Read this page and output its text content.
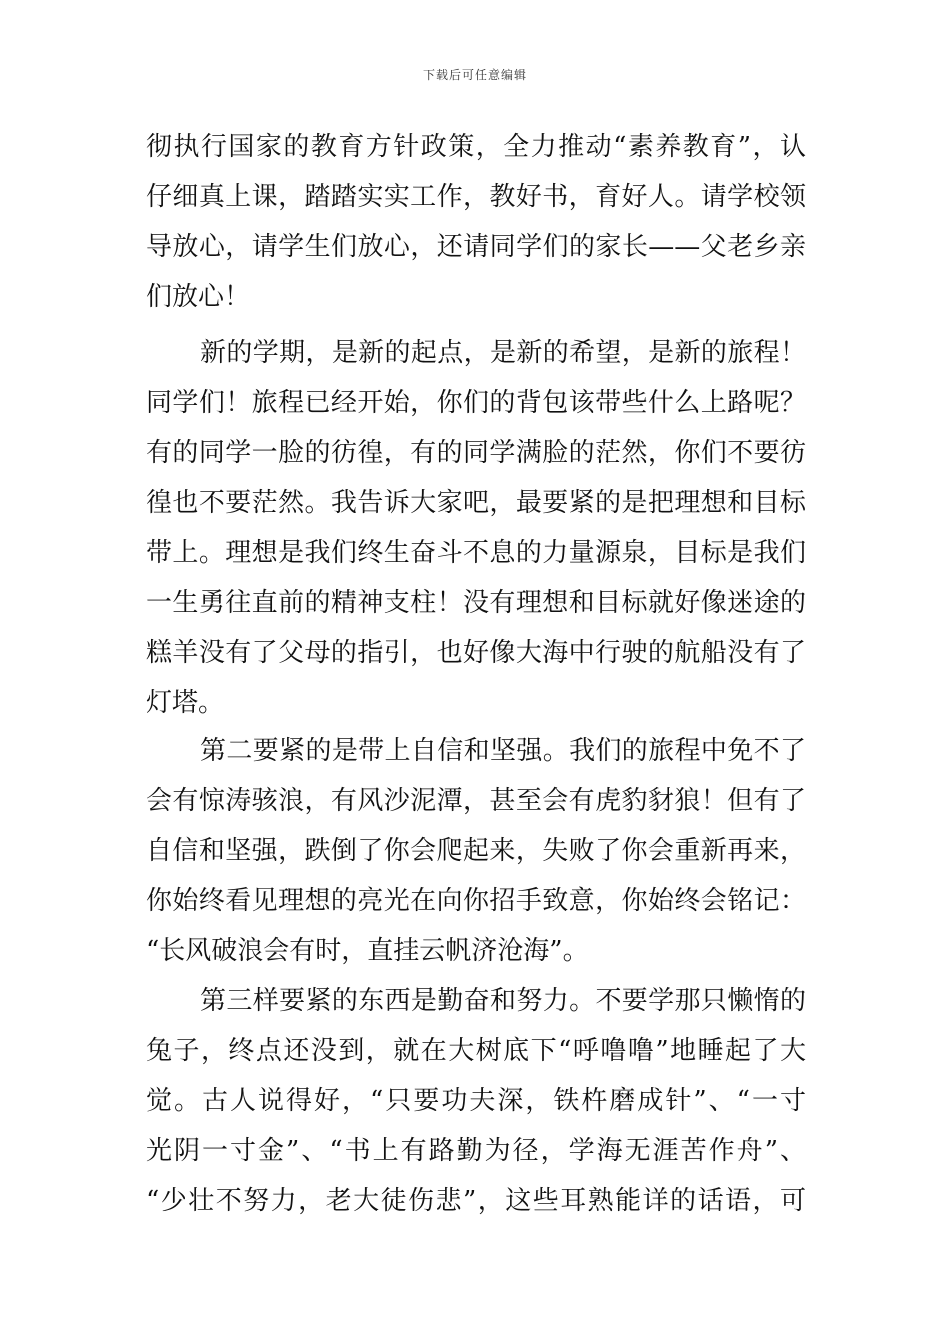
下载后可任意编辑
彻执行国家的教育方针政策，全力推动“素养教育”，认
仔细真上课，踏踏实实工作，教好书，育好人。请学校领
导放心，请学生们放心，还请同学们的家长——父老乡亲
们放心！
新的学期，是新的起点，是新的希望，是新的旅程！
同学们！旅程已经开始，你们的背包该带些什么上路呢？
有的同学一脸的彷徨，有的同学满脸的茫然，你们不要彷
徨也不要茫然。我告诉大家吧，最要紧的是把理想和目标
带上。理想是我们终生奋斗不息的力量源泉，目标是我们
一生勇往直前的精神支柱！没有理想和目标就好像迷途的
糕羊没有了父母的指引，也好像大海中行驶的航船没有了
灯塔。
第二要紧的是带上自信和坚强。我们的旅程中免不了
会有惊涛骇浪，有风沙泥潭，甚至会有虎豹豺狼！但有了
自信和坚强，跌倒了你会爬起来，失败了你会重新再来，
你始终看见理想的亮光在向你招手致意，你始终会铭记：
“长风破浪会有时，直挂云帆济沧海”。
第三样要紧的东西是勤奋和努力。不要学那只懒惰的
兔子，终点还没到，就在大树底下“呼噜噜”地睡起了大
觉。古人说得好，“只要功夫深，铁杵磨成针”、“一寸
光阴一寸金”、“书上有路勤为径，学海无涯苦作舟”、
“少壮不努力，老大徒伤悲”，这些耳熟能详的话语，可
